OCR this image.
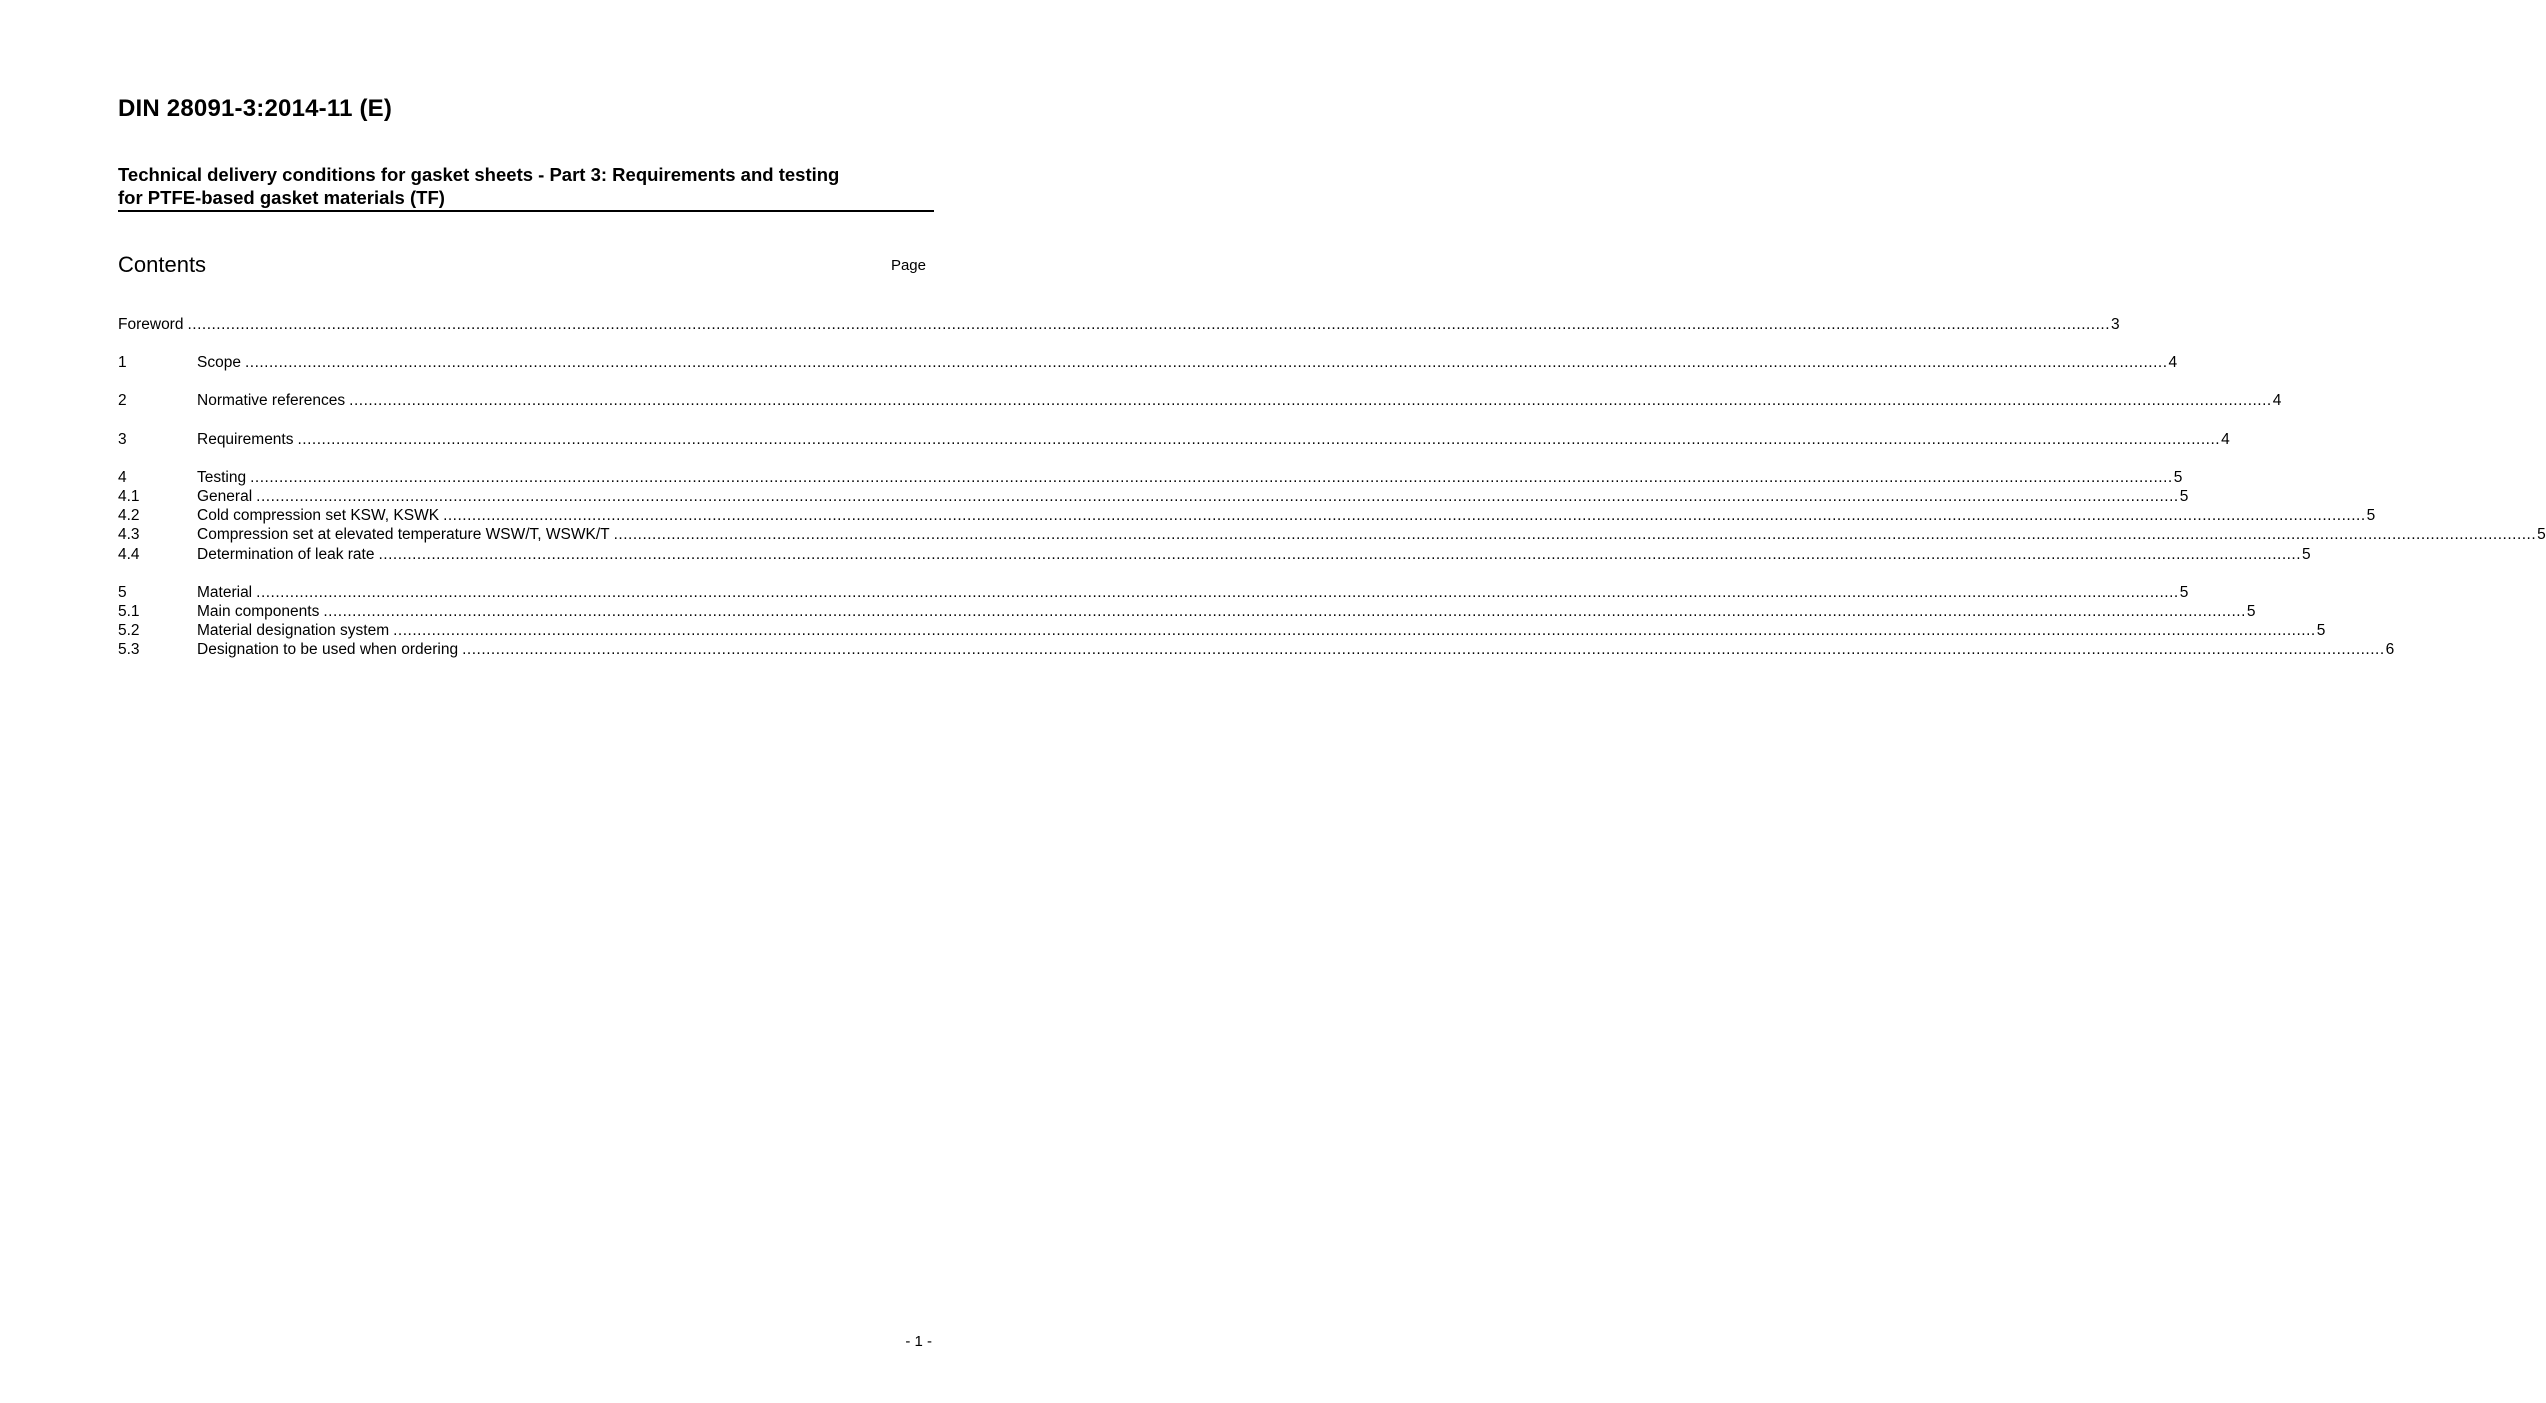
DIN 28091-3:2014-11 (E)
Technical delivery conditions for gasket sheets - Part 3: Requirements and testing
for PTFE-based gasket materials (TF)
Contents	Page
Foreword ................................................................................................................................................................................................................................................................................................................................................................................................................ 3
1	Scope ................................................................................................................................................................................................................................................................................................................................................................................................................ 4
2	Normative references ................................................................................................................................................................................................................................................................................................................................................................................................................ 4
3	Requirements ................................................................................................................................................................................................................................................................................................................................................................................................................ 4
4	Testing ................................................................................................................................................................................................................................................................................................................................................................................................................ 5
4.1	General ................................................................................................................................................................................................................................................................................................................................................................................................................ 5
4.2	Cold compression set KSW, KSWK ................................................................................................................................................................................................................................................................................................................................................................................................................ 5
4.3	Compression set at elevated temperature WSW/T, WSWK/T ................................................................................................................................................................................................................................................................................................................................................................................................................ 5
4.4	Determination of leak rate ................................................................................................................................................................................................................................................................................................................................................................................................................ 5
5	Material ................................................................................................................................................................................................................................................................................................................................................................................................................ 5
5.1	Main components ................................................................................................................................................................................................................................................................................................................................................................................................................ 5
5.2	Material designation system ................................................................................................................................................................................................................................................................................................................................................................................................................ 5
5.3	Designation to be used when ordering ................................................................................................................................................................................................................................................................................................................................................................................................................ 6
- 1 -
